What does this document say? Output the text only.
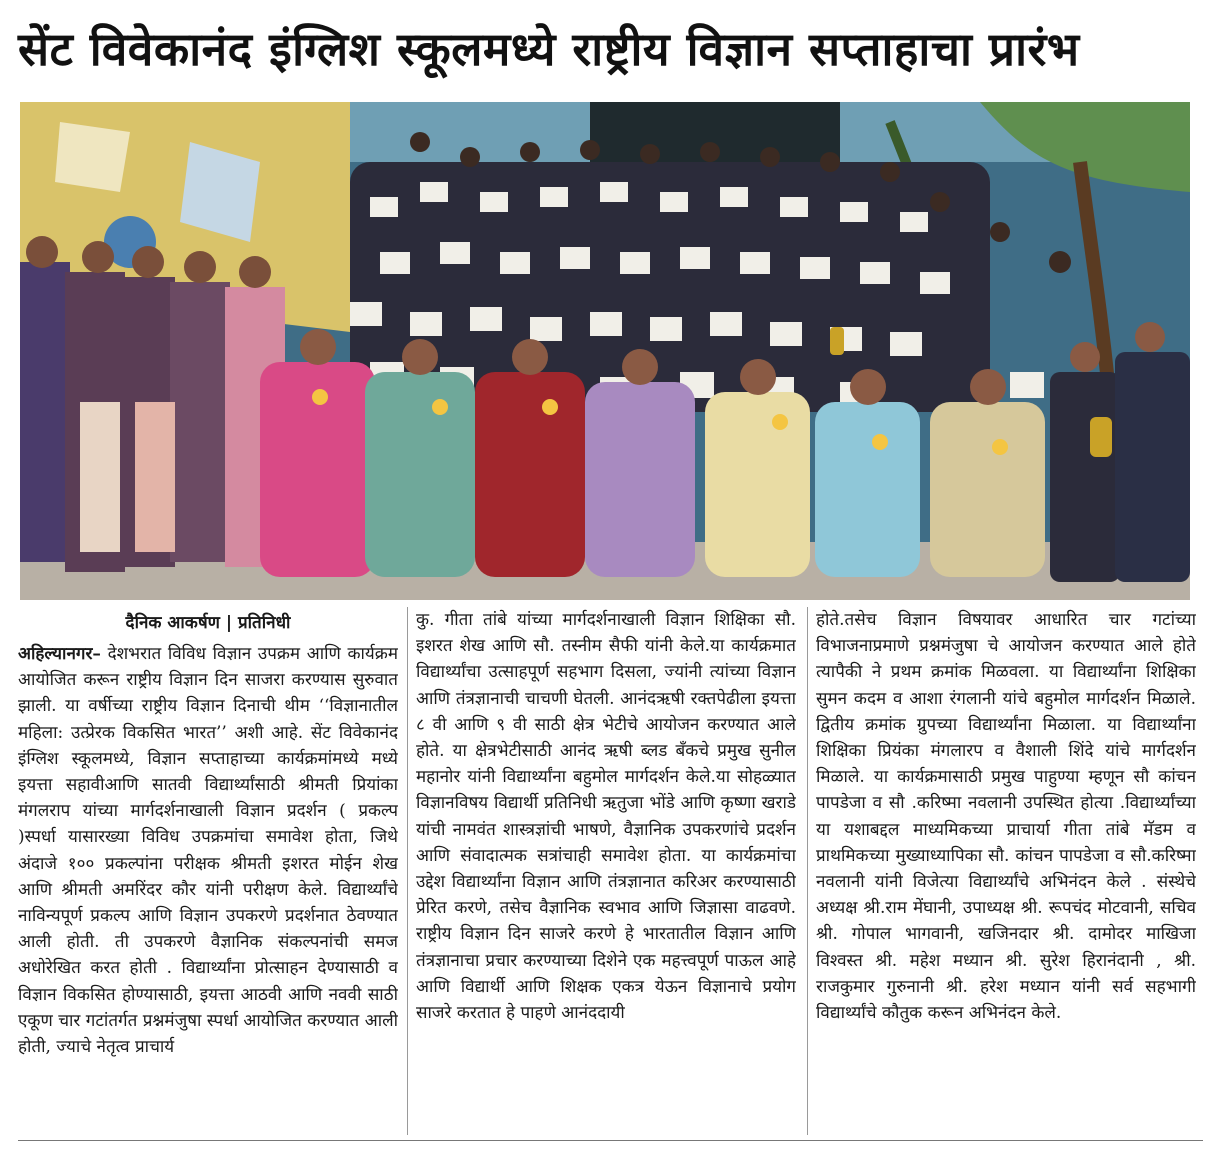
सेंट विवेकानंद इंग्लिश स्कूलमध्ये राष्ट्रीय विज्ञान सप्ताहाचा प्रारंभ
दैनिक आकर्षण | प्रतिनिधी
अहिल्यानगर– देशभरात विविध विज्ञान उपक्रम आणि कार्यक्रम आयोजित करून राष्ट्रीय विज्ञान दिन साजरा करण्यास सुरुवात झाली. या वर्षीच्या राष्ट्रीय विज्ञान दिनाची थीम ‘‘विज्ञानातील महिला: उत्प्रेरक विकसित भारत’’ अशी आहे. सेंट विवेकानंद इंग्लिश स्कूलमध्ये, विज्ञान सप्ताहाच्या कार्यक्रमांमध्ये मध्ये इयत्ता सहावीआणि सातवी विद्यार्थ्यांसाठी श्रीमती प्रियांका मंगलराप यांच्या मार्गदर्शनाखाली विज्ञान प्रदर्शन ( प्रकल्प )स्पर्धा यासारख्या विविध उपक्रमांचा समावेश होता, जिथे अंदाजे १०० प्रकल्पांना परीक्षक श्रीमती इशरत मोईन शेख आणि श्रीमती अमरिंदर कौर यांनी परीक्षण केले. विद्यार्थ्यांचे नाविन्यपूर्ण प्रकल्प आणि विज्ञान उपकरणे प्रदर्शनात ठेवण्यात आली होती. ती उपकरणे वैज्ञानिक संकल्पनांची समज अधोरेखित करत होती . विद्यार्थ्यांना प्रोत्साहन देण्यासाठी व विज्ञान विकसित होण्यासाठी, इयत्ता आठवी आणि नववी साठी एकूण चार गटांतर्गत प्रश्नमंजुषा स्पर्धा आयोजित करण्यात आली होती, ज्याचे नेतृत्व प्राचार्य
कु. गीता तांबे यांच्या मार्गदर्शनाखाली विज्ञान शिक्षिका सौ. इशरत शेख आणि सौ. तस्नीम सैफी यांनी केले.या कार्यक्रमात विद्यार्थ्यांचा उत्साहपूर्ण सहभाग दिसला, ज्यांनी त्यांच्या विज्ञान आणि तंत्रज्ञानाची चाचणी घेतली. आनंदऋषी रक्तपेढीला इयत्ता ८ वी आणि ९ वी साठी क्षेत्र भेटीचे आयोजन करण्यात आले होते. या क्षेत्रभेटीसाठी आनंद ऋषी ब्लड बँकचे प्रमुख सुनील महानोर यांनी विद्यार्थ्यांना बहुमोल मार्गदर्शन केले.या सोहळ्यात विज्ञानविषय विद्यार्थी प्रतिनिधी ऋतुजा भोंडे आणि कृष्णा खराडे यांची नामवंत शास्त्रज्ञांची भाषणे, वैज्ञानिक उपकरणांचे प्रदर्शन आणि संवादात्मक सत्रांचाही समावेश होता. या कार्यक्रमांचा उद्देश विद्यार्थ्यांना विज्ञान आणि तंत्रज्ञानात करिअर करण्यासाठी प्रेरित करणे, तसेच वैज्ञानिक स्वभाव आणि जिज्ञासा वाढवणे. राष्ट्रीय विज्ञान दिन साजरे करणे हे भारतातील विज्ञान आणि तंत्रज्ञानाचा प्रचार करण्याच्या दिशेने एक महत्त्वपूर्ण पाऊल आहे आणि विद्यार्थी आणि शिक्षक एकत्र येऊन विज्ञानाचे प्रयोग साजरे करतात हे पाहणे आनंददायी
होते.तसेच विज्ञान विषयावर आधारित चार गटांच्या विभाजनाप्रमाणे प्रश्नमंजुषा चे आयोजन करण्यात आले होते त्यापैकी ने प्रथम क्रमांक मिळवला. या विद्यार्थ्यांना शिक्षिका सुमन कदम व आशा रंगलानी यांचे बहुमोल मार्गदर्शन मिळाले. द्वितीय क्रमांक ग्रुपच्या विद्यार्थ्यांना मिळाला. या विद्यार्थ्यांना शिक्षिका प्रियंका मंगलारप व वैशाली शिंदे यांचे मार्गदर्शन मिळाले. या कार्यक्रमासाठी प्रमुख पाहुण्या म्हणून सौ कांचन पापडेजा व सौ .करिष्मा नवलानी उपस्थित होत्या .विद्यार्थ्यांच्या या यशाबद्दल माध्यमिकच्या प्राचार्या गीता तांबे मॅडम व प्राथमिकच्या मुख्याध्यापिका सौ. कांचन पापडेजा व सौ.करिष्मा नवलानी यांनी विजेत्या विद्यार्थ्यांचे अभिनंदन केले . संस्थेचे अध्यक्ष श्री.राम मेंघानी, उपाध्यक्ष श्री. रूपचंद मोटवानी, सचिव श्री. गोपाल भागवानी, खजिनदार श्री. दामोदर माखिजा विश्वस्त श्री. महेश मध्यान श्री. सुरेश हिरानंदानी , श्री. राजकुमार गुरुनानी श्री. हरेश मध्यान यांनी सर्व सहभागी विद्यार्थ्यांचे कौतुक करून अभिनंदन केले.
